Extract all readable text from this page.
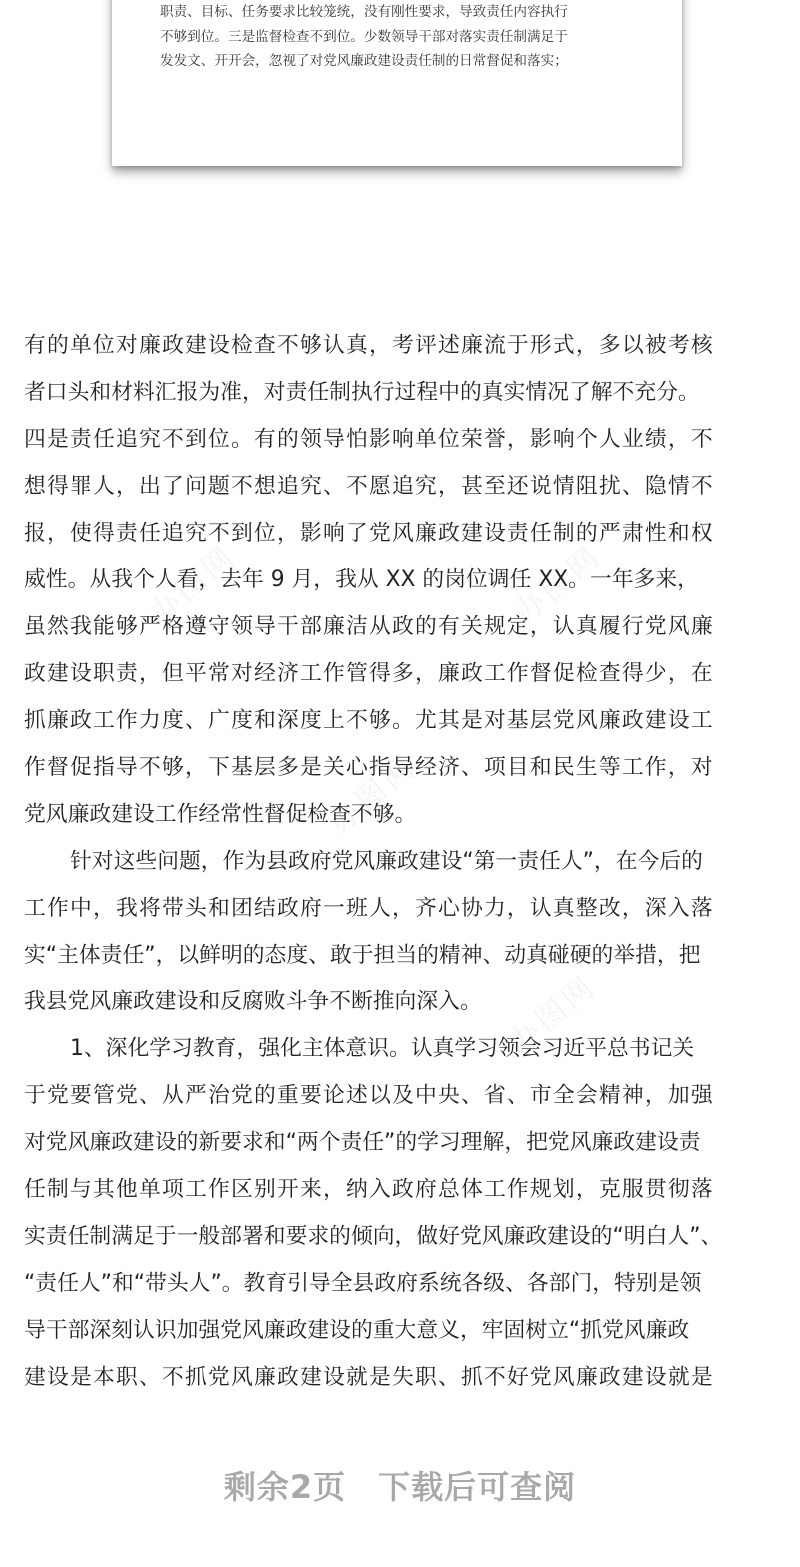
职责、目标、任务要求比较笼统，没有刚性要求，导致责任内容执行
不够到位。三是监督检查不到位。少数领导干部对落实责任制满足于
发发文、开开会，忽视了对党风廉政建设责任制的日常督促和落实；

办图网	办图网
办图网
办图网
有的单位对廉政建设检查不够认真，考评述廉流于形式，多以被考核
者口头和材料汇报为准，对责任制执行过程中的真实情况了解不充分。
四是责任追究不到位。有的领导怕影响单位荣誉，影响个人业绩，不
想得罪人，出了问题不想追究、不愿追究，甚至还说情阻扰、隐情不
报，使得责任追究不到位，影响了党风廉政建设责任制的严肃性和权
威性。从我个人看，去年 9 月，我从 XX 的岗位调任 XX。一年多来，
虽然我能够严格遵守领导干部廉洁从政的有关规定，认真履行党风廉
政建设职责，但平常对经济工作管得多，廉政工作督促检查得少，在
抓廉政工作力度、广度和深度上不够。尤其是对基层党风廉政建设工
作督促指导不够，下基层多是关心指导经济、项目和民生等工作，对
党风廉政建设工作经常性督促检查不够。
针对这些问题，作为县政府党风廉政建设“第一责任人”，在今后的
工作中，我将带头和团结政府一班人，齐心协力，认真整改，深入落
实“主体责任”，以鲜明的态度、敢于担当的精神、动真碰硬的举措，把
我县党风廉政建设和反腐败斗争不断推向深入。
1、深化学习教育，强化主体意识。认真学习领会习近平总书记关
于党要管党、从严治党的重要论述以及中央、省、市全会精神，加强
对党风廉政建设的新要求和“两个责任”的学习理解，把党风廉政建设责
任制与其他单项工作区别开来，纳入政府总体工作规划，克服贯彻落
实责任制满足于一般部署和要求的倾向，做好党风廉政建设的“明白人”、
“责任人”和“带头人”。教育引导全县政府系统各级、各部门，特别是领
导干部深刻认识加强党风廉政建设的重大意义，牢固树立“抓党风廉政
建设是本职、不抓党风廉政建设就是失职、抓不好党风廉政建设就是
剩余2页 下载后可查阅
